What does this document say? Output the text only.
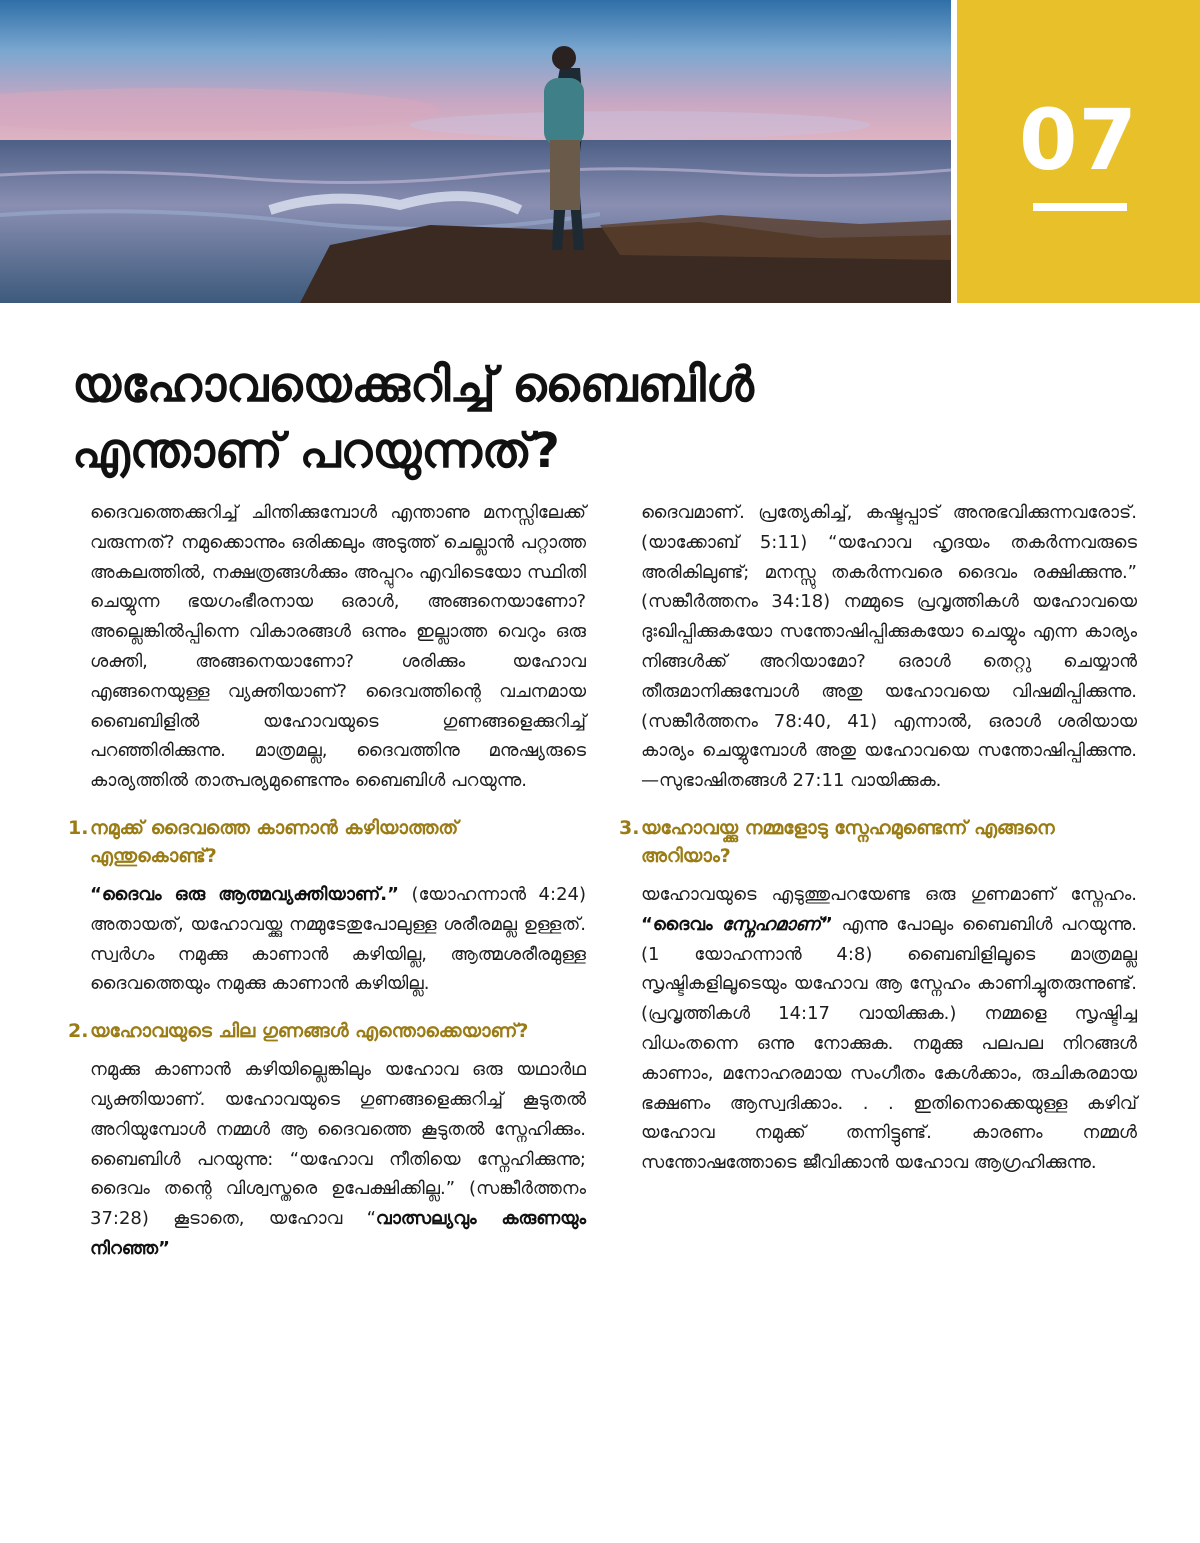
07
യഹോവയെക്കുറിച്ച് ബൈബിൾ
എന്താണ് പറയുന്നത്?

ദൈവത്തെക്കുറിച്ച് ചിന്തിക്കുമ്പോൾ എന്താണു മനസ്സിലേക്ക് വരുന്നത്? നമുക്കൊന്നും ഒരിക്കലും അടുത്ത് ചെല്ലാൻ പറ്റാത്ത അകലത്തിൽ, നക്ഷത്രങ്ങൾക്കും അപ്പുറം എവിടെയോ സ്ഥിതി ചെയ്യുന്ന ഭയഗംഭീരനായ ഒരാൾ, അങ്ങനെയാണോ? അല്ലെങ്കിൽപ്പിന്നെ വികാരങ്ങൾ ഒന്നും ഇല്ലാത്ത വെറും ഒരു ശക്തി, അങ്ങനെയാണോ? ശരിക്കും യഹോവ എങ്ങനെയുള്ള വ്യക്തിയാണ്? ദൈവത്തിന്റെ വചനമായ ബൈബിളിൽ യഹോവയുടെ ഗുണങ്ങളെക്കുറിച്ച് പറഞ്ഞിരിക്കുന്നു. മാത്രമല്ല, ദൈവത്തിനു മനുഷ്യരുടെ കാര്യത്തിൽ താത്പര്യമുണ്ടെന്നും ബൈബിൾ പറയുന്നു.

1. നമുക്ക് ദൈവത്തെ കാണാൻ കഴിയാത്തത് എന്തുകൊണ്ട്?

“ദൈവം ഒരു ആത്മവ്യക്തിയാണ്.” (യോഹന്നാൻ 4:24) അതായത്, യഹോവയ്ക്കു നമ്മുടേതുപോലുള്ള ശരീരമല്ല ഉള്ളത്. സ്വർഗം നമുക്കു കാണാൻ കഴിയില്ല, ആത്മശരീരമുള്ള ദൈവത്തെയും നമുക്കു കാണാൻ കഴിയില്ല.

2. യഹോവയുടെ ചില ഗുണങ്ങൾ എന്തൊക്കെയാണ്?

നമുക്കു കാണാൻ കഴിയില്ലെങ്കിലും യഹോവ ഒരു യഥാർഥ വ്യക്തിയാണ്. യഹോവയുടെ ഗുണങ്ങളെക്കുറിച്ച് കൂടുതൽ അറിയുമ്പോൾ നമ്മൾ ആ ദൈവത്തെ കൂടുതൽ സ്നേഹിക്കും. ബൈബിൾ പറയുന്നു: “യഹോവ നീതിയെ സ്നേഹിക്കുന്നു; ദൈവം തന്റെ വിശ്വസ്തരെ ഉപേക്ഷിക്കില്ല.” (സങ്കീർത്തനം 37:28) കൂടാതെ, യഹോവ “വാത്സല്യവും കരുണയും നിറഞ്ഞ”

ദൈവമാണ്. പ്രത്യേകിച്ച്, കഷ്ടപ്പാട് അനുഭവിക്കുന്നവരോട്. (യാക്കോബ് 5:11) “യഹോവ ഹൃദയം തകർന്നവരുടെ അരികിലുണ്ട്; മനസ്സു തകർന്നവരെ ദൈവം രക്ഷിക്കുന്നു.” (സങ്കീർത്തനം 34:18) നമ്മുടെ പ്രവൃത്തികൾ യഹോവയെ ദുഃഖിപ്പിക്കുകയോ സന്തോഷിപ്പിക്കുകയോ ചെയ്യും എന്ന കാര്യം നിങ്ങൾക്ക് അറിയാമോ? ഒരാൾ തെറ്റു ചെയ്യാൻ തീരുമാനിക്കുമ്പോൾ അതു യഹോവയെ വിഷമിപ്പിക്കുന്നു. (സങ്കീർത്തനം 78:40, 41) എന്നാൽ, ഒരാൾ ശരിയായ കാര്യം ചെയ്യുമ്പോൾ അതു യഹോവയെ സന്തോഷിപ്പിക്കുന്നു.—സുഭാഷിതങ്ങൾ 27:11 വായിക്കുക.

3. യഹോവയ്ക്കു നമ്മളോടു സ്നേഹമുണ്ടെന്ന് എങ്ങനെ അറിയാം?

യഹോവയുടെ എടുത്തുപറയേണ്ട ഒരു ഗുണമാണ് സ്നേഹം. “ദൈവം സ്നേഹമാണ്” എന്നു പോലും ബൈബിൾ പറയുന്നു. (1 യോഹന്നാൻ 4:8) ബൈബിളിലൂടെ മാത്രമല്ല സൃഷ്ടികളിലൂടെയും യഹോവ ആ സ്നേഹം കാണിച്ചുതരുന്നുണ്ട്. (പ്രവൃത്തികൾ 14:17 വായിക്കുക.) നമ്മളെ സൃഷ്ടിച്ച വിധംതന്നെ ഒന്നു നോക്കുക. നമുക്കു പലപല നിറങ്ങൾ കാണാം, മനോഹരമായ സംഗീതം കേൾക്കാം, രുചികരമായ ഭക്ഷണം ആസ്വദിക്കാം. . . ഇതിനൊക്കെയുള്ള കഴിവ് യഹോവ നമുക്ക് തന്നിട്ടുണ്ട്. കാരണം നമ്മൾ സന്തോഷത്തോടെ ജീവിക്കാൻ യഹോവ ആഗ്രഹിക്കുന്നു.
